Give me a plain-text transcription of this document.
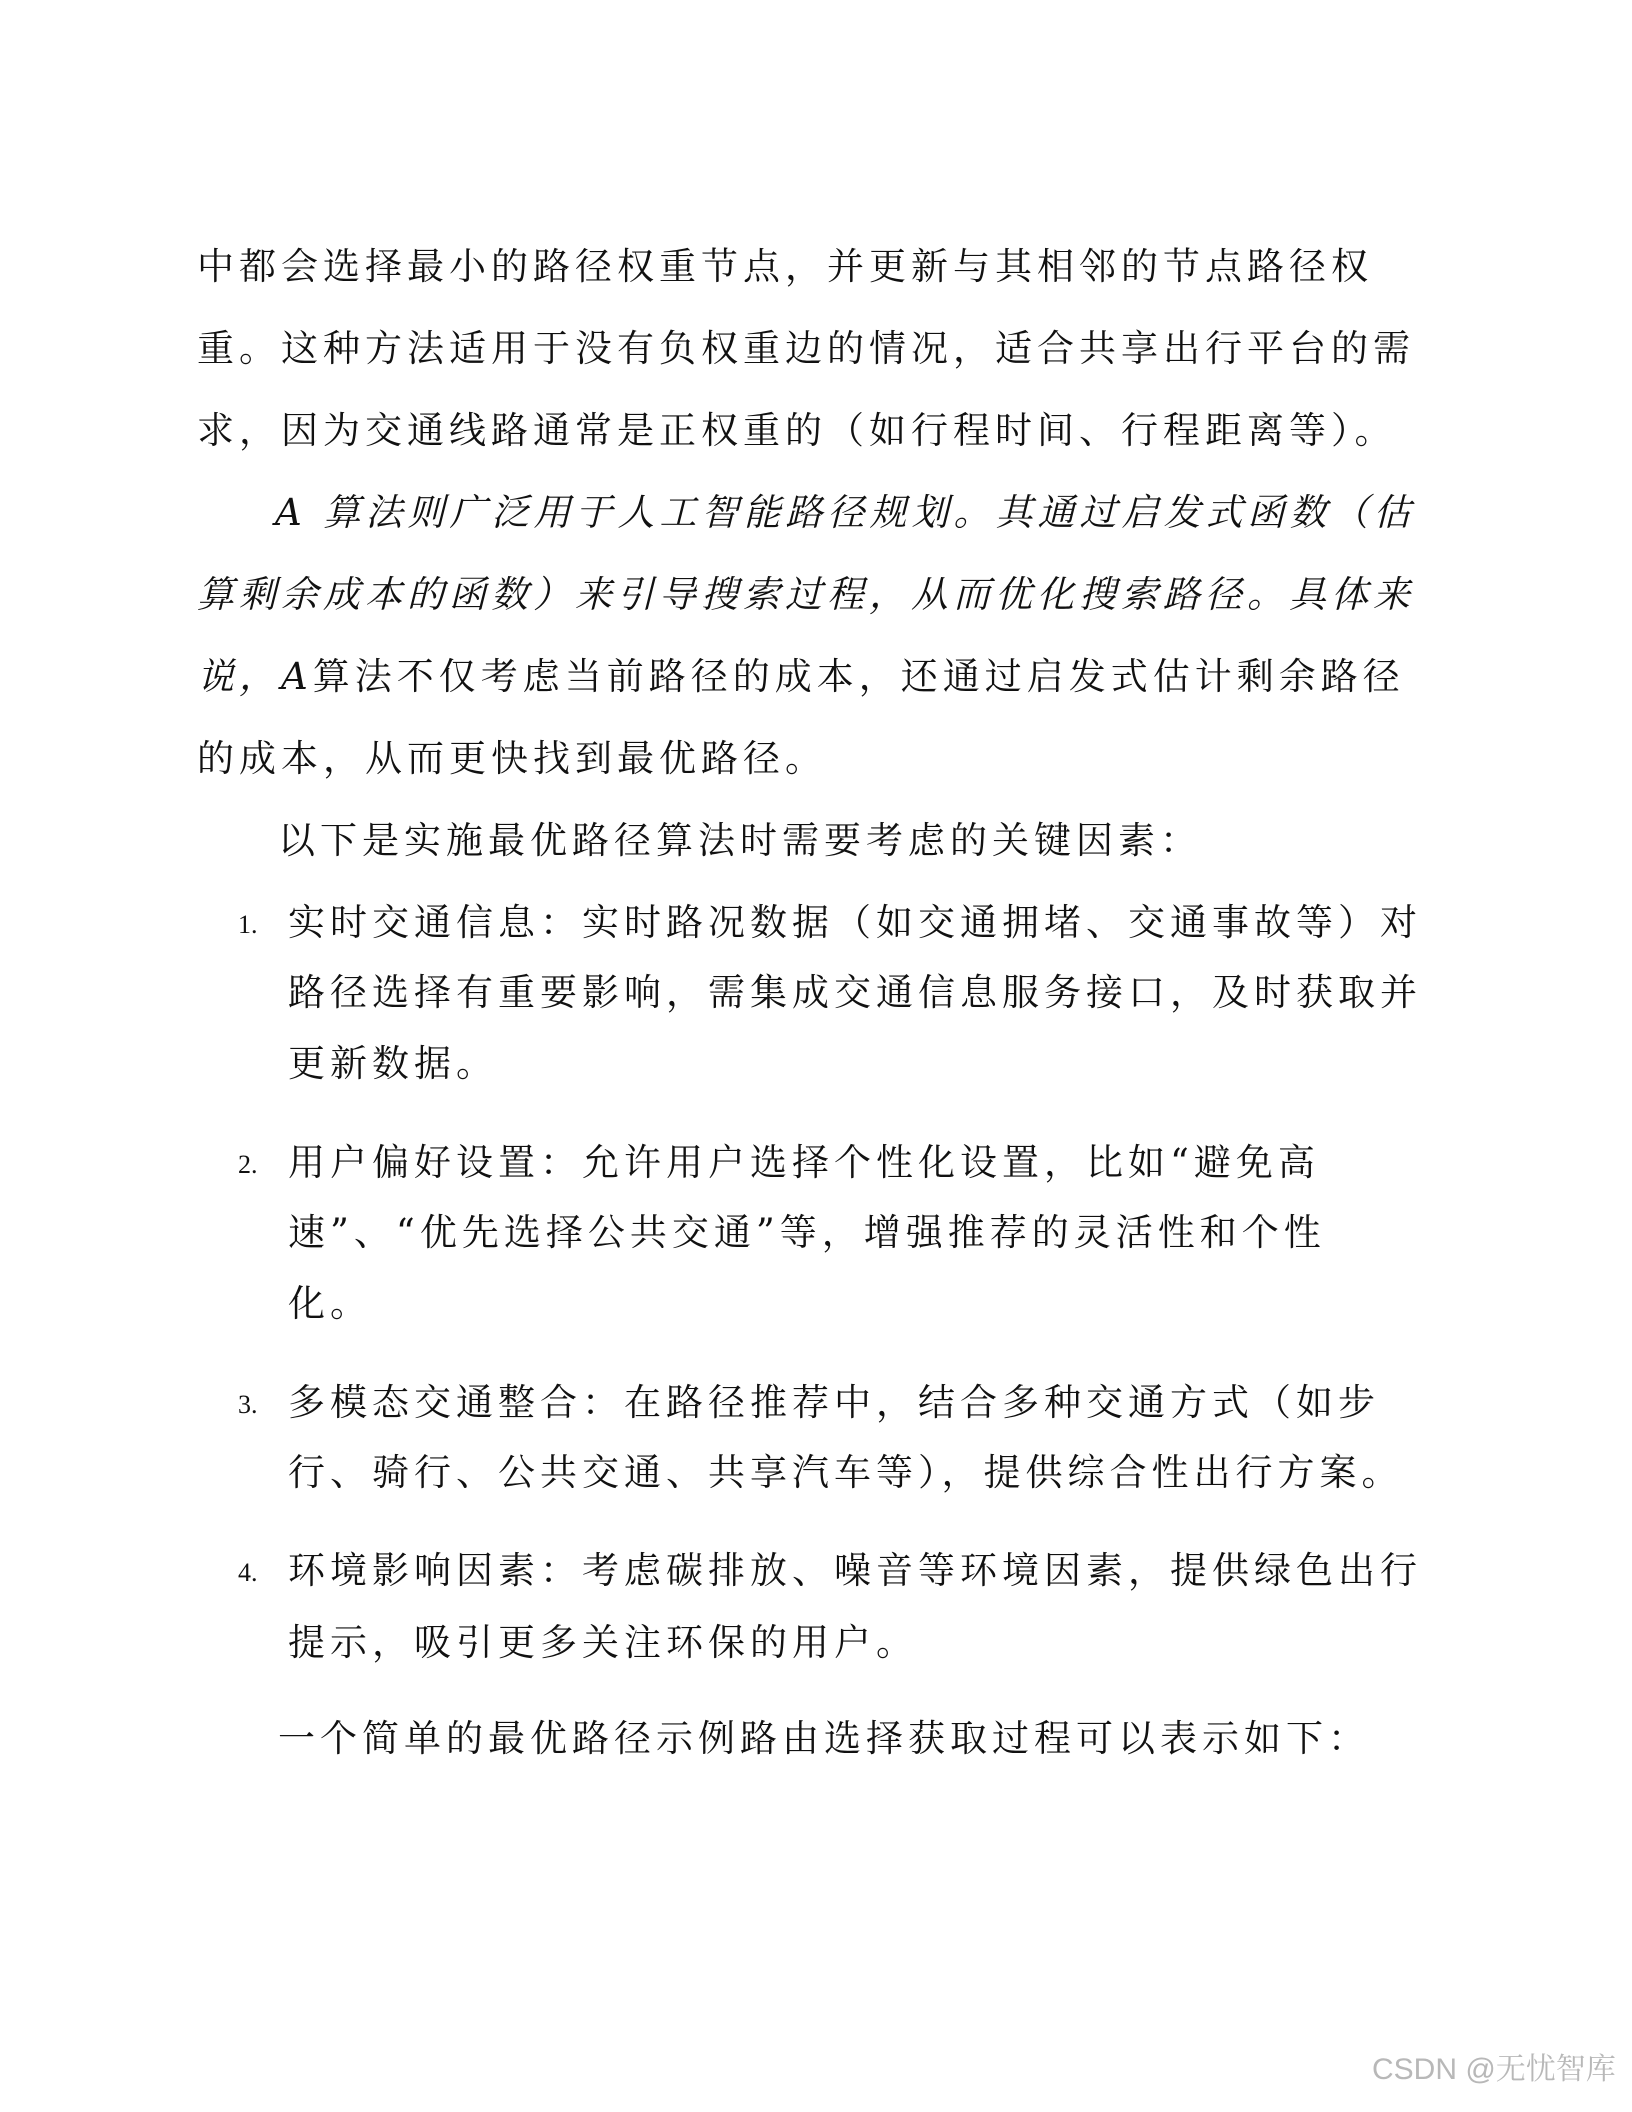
中都会选择最小的路径权重节点，并更新与其相邻的节点路径权
重。这种方法适用于没有负权重边的情况，适合共享出行平台的需
求，因为交通线路通常是正权重的（如行程时间、行程距离等）。
A 算法则广泛用于人工智能路径规划。其通过启发式函数（估
算剩余成本的函数）来引导搜索过程，从而优化搜索路径。具体来
说，A算法不仅考虑当前路径的成本，还通过启发式估计剩余路径
的成本，从而更快找到最优路径。
以下是实施最优路径算法时需要考虑的关键因素：
1. 实时交通信息：实时路况数据（如交通拥堵、交通事故等）对
路径选择有重要影响，需集成交通信息服务接口，及时获取并
更新数据。
2. 用户偏好设置：允许用户选择个性化设置，比如“避免高
速”、“优先选择公共交通”等，增强推荐的灵活性和个性
化。
3. 多模态交通整合：在路径推荐中，结合多种交通方式（如步
行、骑行、公共交通、共享汽车等），提供综合性出行方案。
4. 环境影响因素：考虑碳排放、噪音等环境因素，提供绿色出行
提示，吸引更多关注环保的用户。
一个简单的最优路径示例路由选择获取过程可以表示如下：
CSDN @无忧智库
